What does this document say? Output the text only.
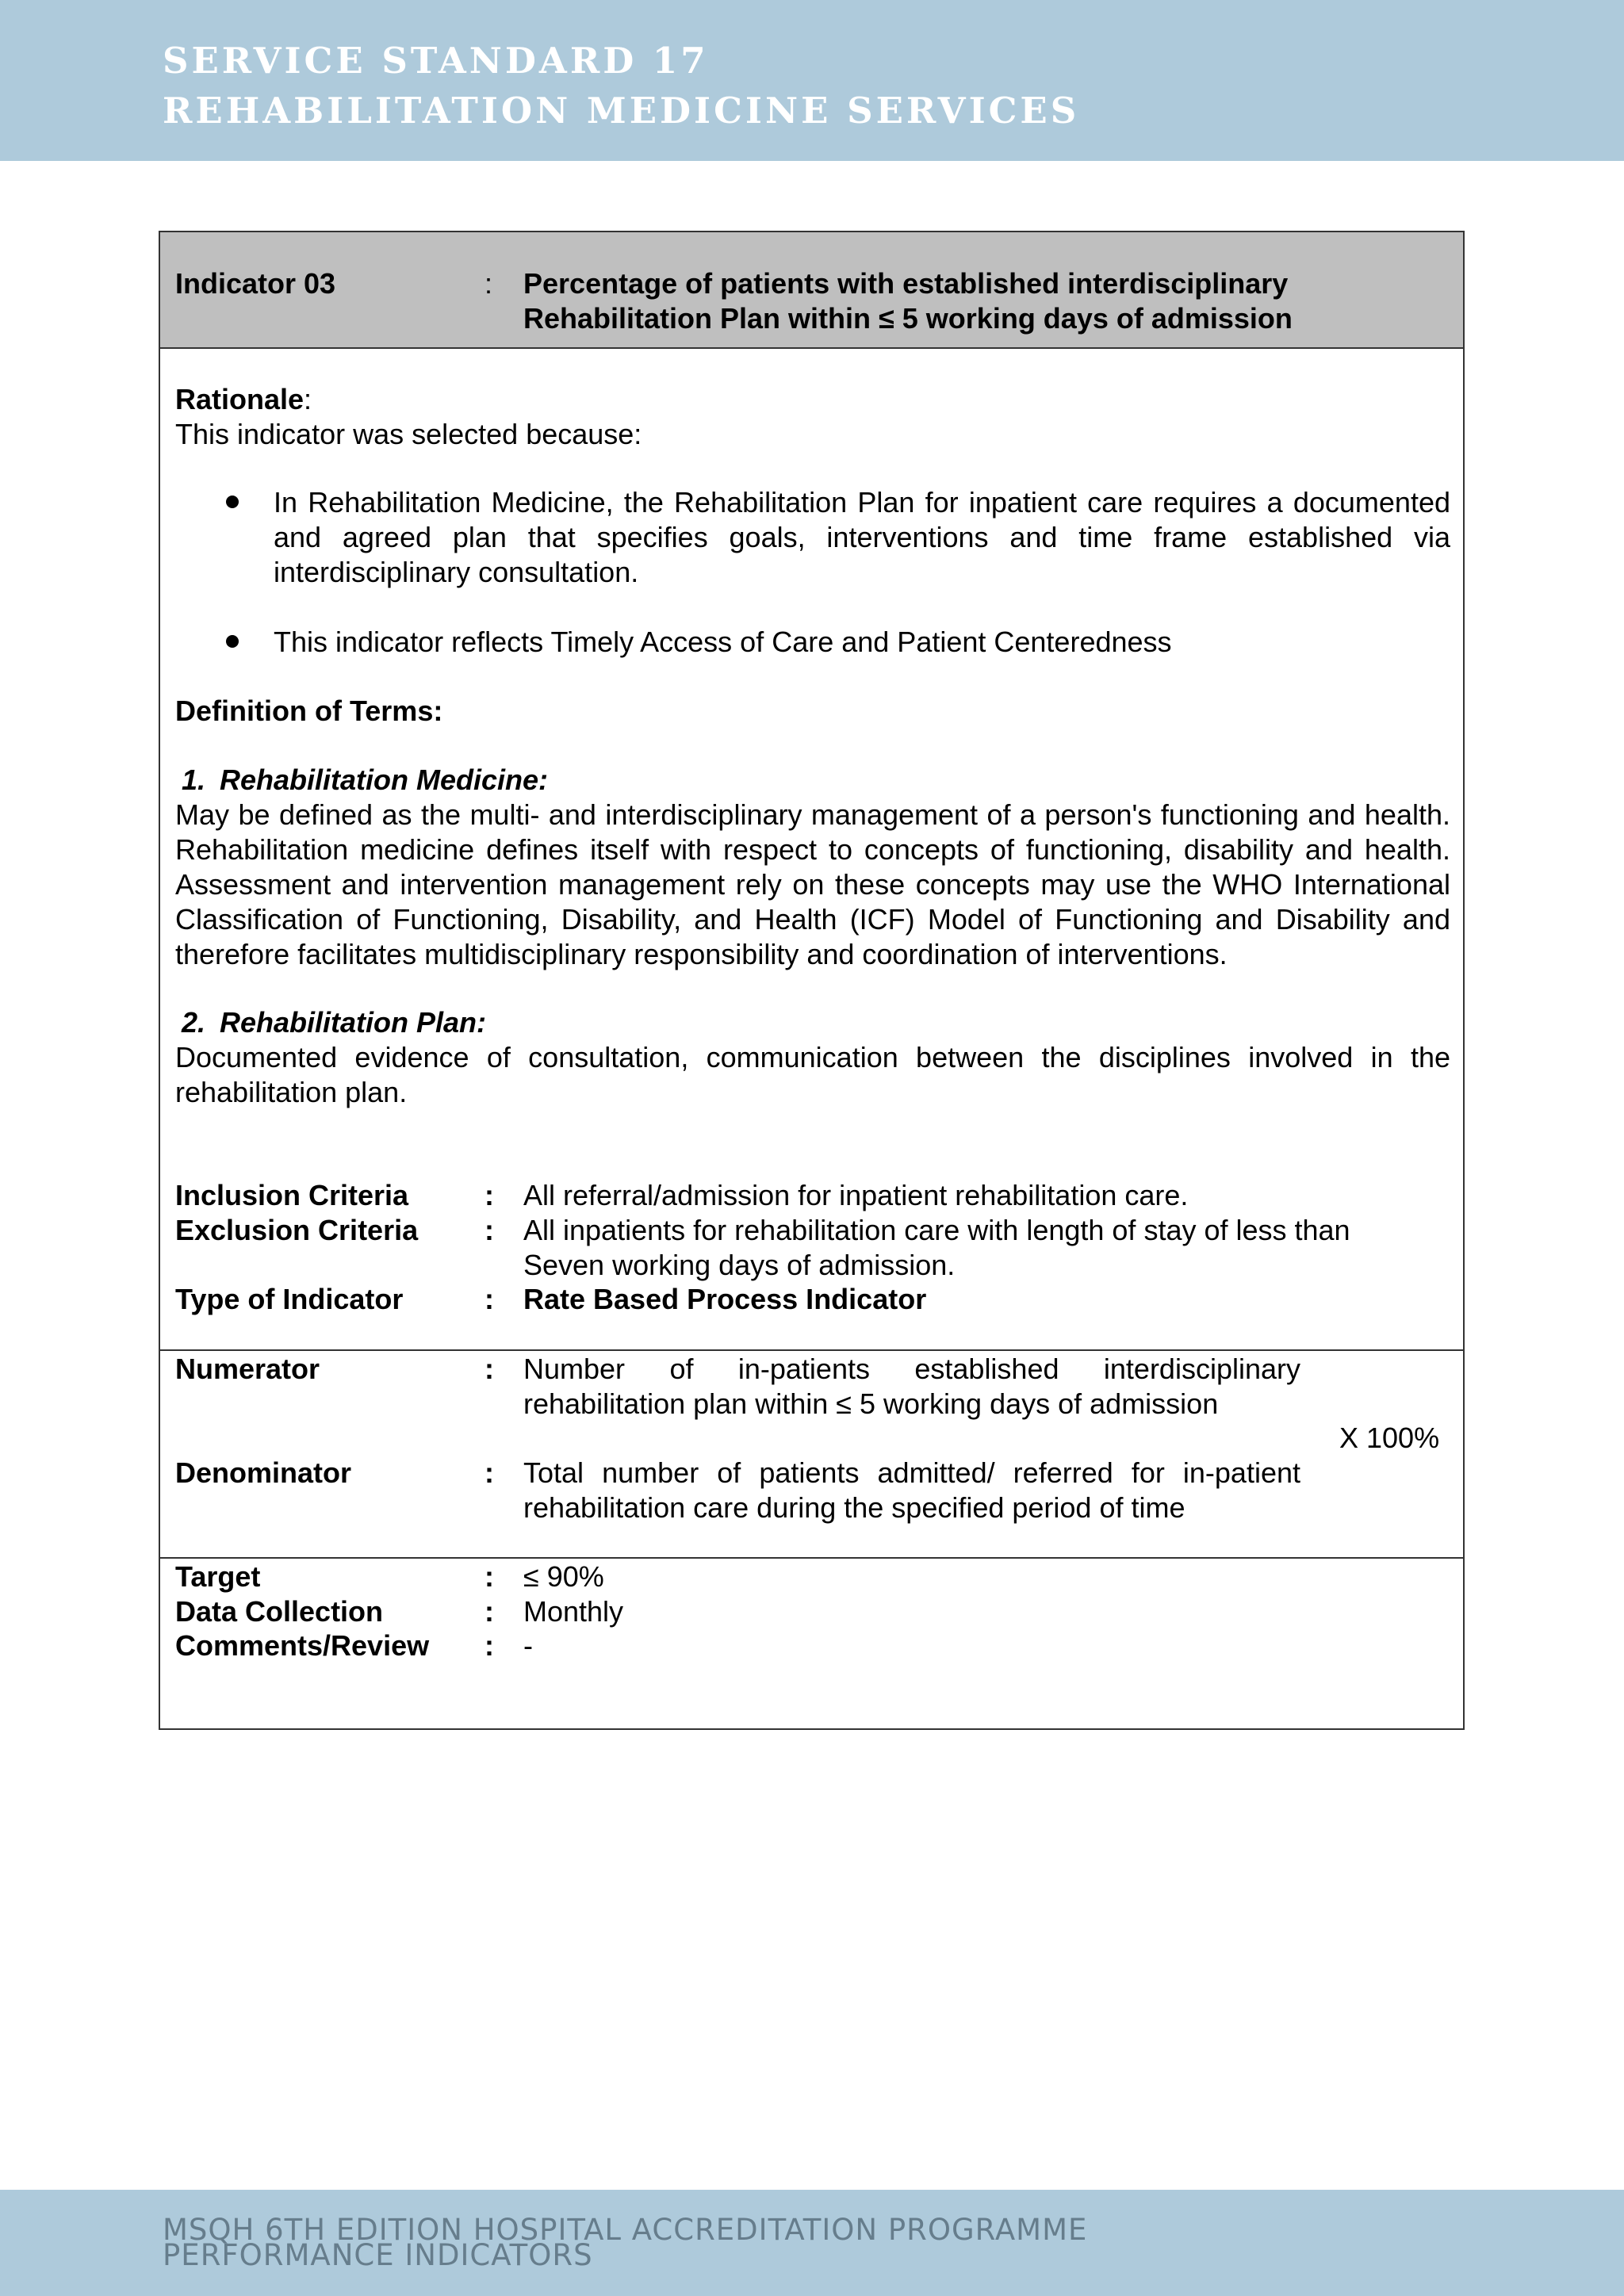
SERVICE STANDARD 17
REHABILITATION MEDICINE SERVICES
Indicator 03	: Percentage of patients with established interdisciplinary
Rehabilitation Plan within ≤ 5 working days of admission
Rationale:
This indicator was selected because:
In Rehabilitation Medicine, the Rehabilitation Plan for inpatient care requires a documented and agreed plan that specifies goals, interventions and time frame established via interdisciplinary consultation.
This indicator reflects Timely Access of Care and Patient Centeredness
Definition of Terms:
1. Rehabilitation Medicine:
May be defined as the multi- and interdisciplinary management of a person's functioning and health. Rehabilitation medicine defines itself with respect to concepts of functioning, disability and health. Assessment and intervention management rely on these concepts may use the WHO International Classification of Functioning, Disability, and Health (ICF) Model of Functioning and Disability and therefore facilitates multidisciplinary responsibility and coordination of interventions.
2. Rehabilitation Plan:
Documented evidence of consultation, communication between the disciplines involved in the rehabilitation plan.
Inclusion Criteria	: All referral/admission for inpatient rehabilitation care.
Exclusion Criteria : All inpatients for rehabilitation care with length of stay of less than
Seven working days of admission.
Type of Indicator	: Rate Based Process Indicator
Numerator	: Number of in-patients established interdisciplinary
rehabilitation plan within ≤ 5 working days of admission
X 100%
Denominator	: Total number of patients admitted/ referred for in-patient
rehabilitation care during the specified period of time
Target	: ≤ 90%
Data Collection	: Monthly
Comments/Review : -
MSQH 6TH EDITION HOSPITAL ACCREDITATION PROGRAMME
PERFORMANCE INDICATORS
